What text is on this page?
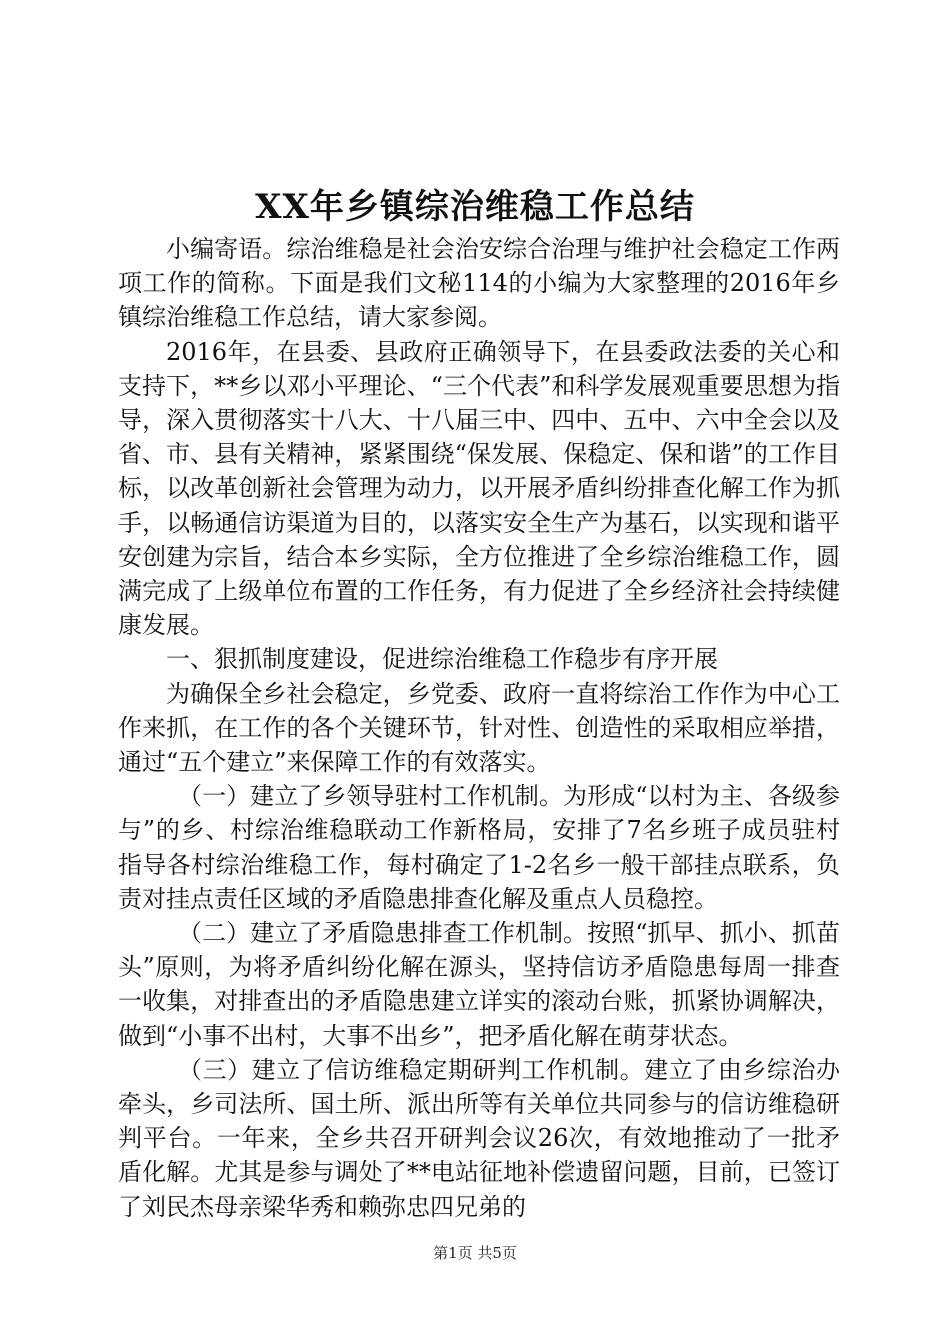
XX年乡镇综治维稳工作总结

小编寄语。综治维稳是社会治安综合治理与维护社会稳定工作两项工作的简称。下面是我们文秘114的小编为大家整理的2016年乡镇综治维稳工作总结，请大家参阅。

2016年，在县委、县政府正确领导下，在县委政法委的关心和支持下，**乡以邓小平理论、“三个代表”和科学发展观重要思想为指导，深入贯彻落实十八大、十八届三中、四中、五中、六中全会以及省、市、县有关精神，紧紧围绕“保发展、保稳定、保和谐”的工作目标，以改革创新社会管理为动力，以开展矛盾纠纷排查化解工作为抓手，以畅通信访渠道为目的，以落实安全生产为基石，以实现和谐平安创建为宗旨，结合本乡实际，全方位推进了全乡综治维稳工作，圆满完成了上级单位布置的工作任务，有力促进了全乡经济社会持续健康发展。

一、狠抓制度建设，促进综治维稳工作稳步有序开展

为确保全乡社会稳定，乡党委、政府一直将综治工作作为中心工作来抓，在工作的各个关键环节，针对性、创造性的采取相应举措，通过“五个建立”来保障工作的有效落实。

（一）建立了乡领导驻村工作机制。为形成“以村为主、各级参与”的乡、村综治维稳联动工作新格局，安排了7名乡班子成员驻村指导各村综治维稳工作，每村确定了1-2名乡一般干部挂点联系，负责对挂点责任区域的矛盾隐患排查化解及重点人员稳控。

（二）建立了矛盾隐患排查工作机制。按照“抓早、抓小、抓苗头”原则，为将矛盾纠纷化解在源头，坚持信访矛盾隐患每周一排查一收集，对排查出的矛盾隐患建立详实的滚动台账，抓紧协调解决，做到“小事不出村，大事不出乡”，把矛盾化解在萌芽状态。

（三）建立了信访维稳定期研判工作机制。建立了由乡综治办牵头，乡司法所、国土所、派出所等有关单位共同参与的信访维稳研判平台。一年来，全乡共召开研判会议26次，有效地推动了一批矛盾化解。尤其是参与调处了**电站征地补偿遗留问题，目前，已签订了刘民杰母亲梁华秀和赖弥忠四兄弟的

第1页 共5页
